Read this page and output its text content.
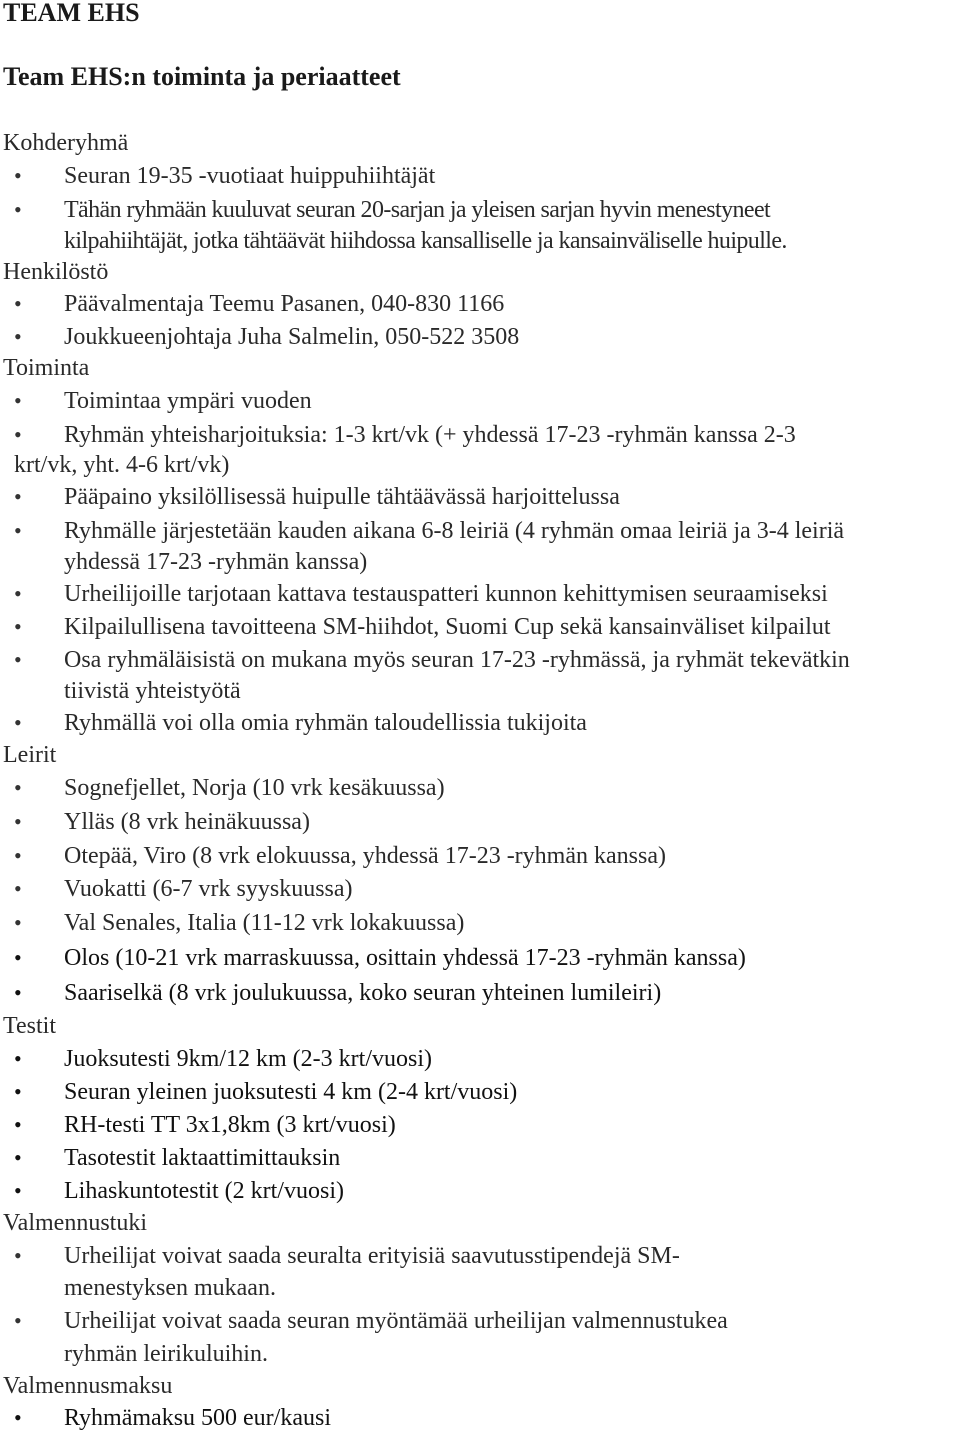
TEAM EHS
Team EHS:n toiminta ja periaatteet

Kohderyhmä

• Seuran 19-35 -vuotiaat huippuhiihtäjät

• Tähän ryhmään kuuluvat seuran 20-sarjan ja yleisen sarjan hyvin menestyneet

kilpahiihtäjät, jotka tähtäävät hiihdossa kansalliselle ja kansainväliselle huipulle.

Henkilöstö

• Päävalmentaja Teemu Pasanen, 040-830 1166

• Joukkueenjohtaja Juha Salmelin, 050-522 3508

Toiminta

• Toimintaa ympäri vuoden

• Ryhmän yhteisharjoituksia: 1-3 krt/vk (+ yhdessä 17-23 -ryhmän kanssa 2-3

krt/vk, yht. 4-6 krt/vk)

• Pääpaino yksilöllisessä huipulle tähtäävässä harjoittelussa

• Ryhmälle järjestetään kauden aikana 6-8 leiriä (4 ryhmän omaa leiriä ja 3-4 leiriä

yhdessä 17-23 -ryhmän kanssa)

• Urheilijoille tarjotaan kattava testauspatteri kunnon kehittymisen seuraamiseksi

• Kilpailullisena tavoitteena SM-hiihdot, Suomi Cup sekä kansainväliset kilpailut

• Osa ryhmäläisistä on mukana myös seuran 17-23 -ryhmässä, ja ryhmät tekevätkin

tiivistä yhteistyötä

• Ryhmällä voi olla omia ryhmän taloudellissia tukijoita

Leirit

• Sognefjellet, Norja (10 vrk kesäkuussa)

• Ylläs (8 vrk heinäkuussa)

• Otepää, Viro (8 vrk elokuussa, yhdessä 17-23 -ryhmän kanssa)

• Vuokatti (6-7 vrk syyskuussa)

• Val Senales, Italia (11-12 vrk lokakuussa)

• Olos (10-21 vrk marraskuussa, osittain yhdessä 17-23 -ryhmän kanssa)

• Saariselkä (8 vrk joulukuussa, koko seuran yhteinen lumileiri)

Testit

• Juoksutesti 9km/12 km (2-3 krt/vuosi)

• Seuran yleinen juoksutesti 4 km (2-4 krt/vuosi)

• RH-testi TT 3x1,8km (3 krt/vuosi)

• Tasotestit laktaattimittauksin

• Lihaskuntotestit (2 krt/vuosi)

Valmennustuki

• Urheilijat voivat saada seuralta erityisiä saavutusstipendejä SM-

menestyksen mukaan.

• Urheilijat voivat saada seuran myöntämää urheilijan valmennustukea

ryhmän leirikuluihin.

Valmennusmaksu

• Ryhmämaksu 500 eur/kausi
